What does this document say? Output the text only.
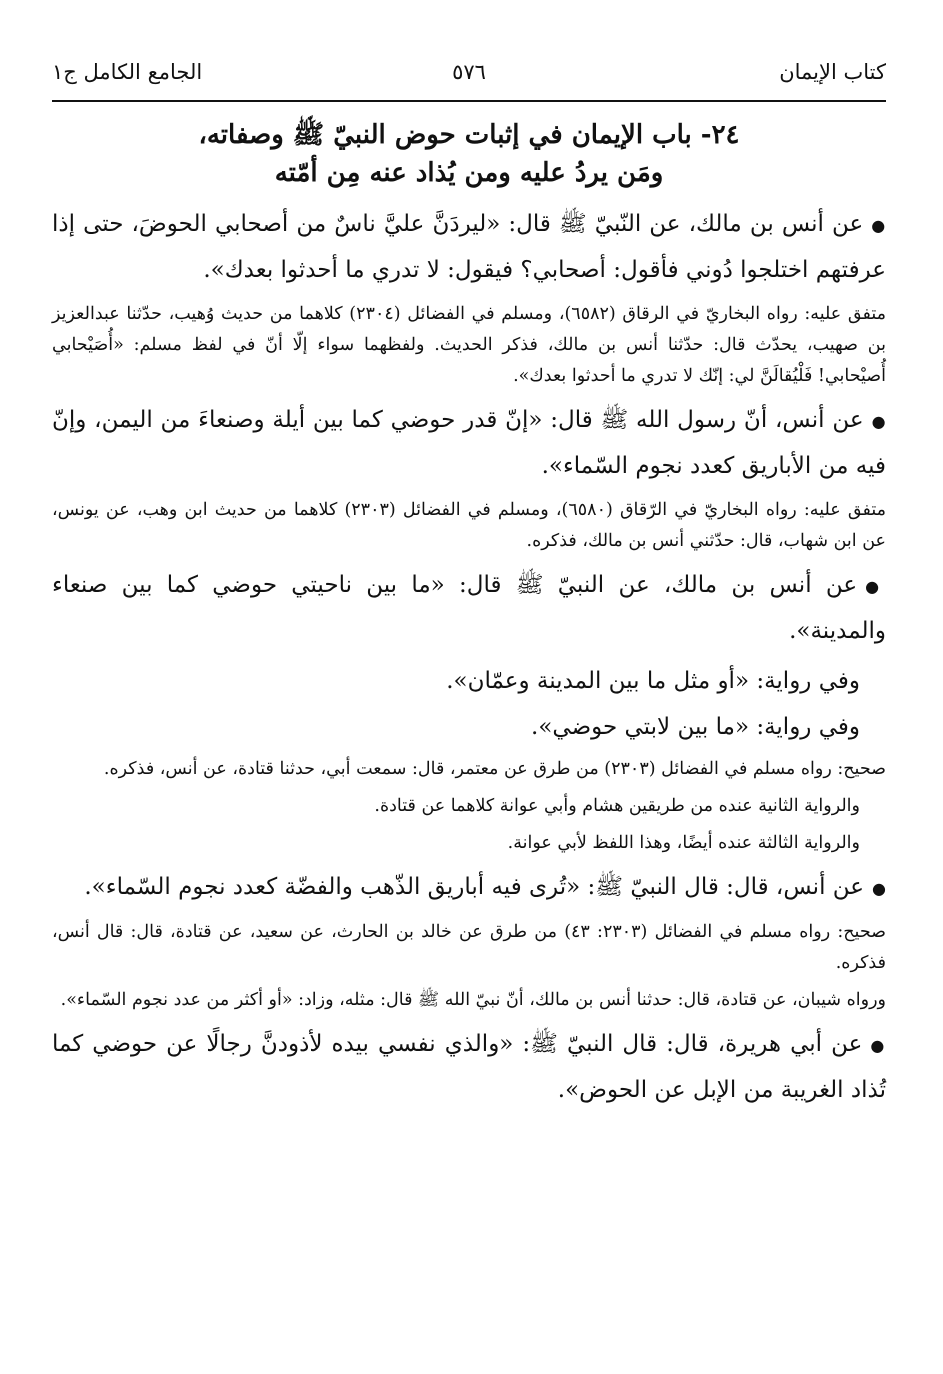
كتاب الإيمان
٥٧٦
الجامع الكامل ج١
٢٤- باب الإيمان في إثبات حوض النبيّ ﷺ وصفاته،
ومَن يردُ عليه ومن يُذاد عنه مِن أمّته

●عن أنس بن مالك، عن النّبيّ ﷺ قال: «ليردَنَّ عليَّ ناسٌ من أصحابي الحوضَ، حتى إذا عرفتهم اختلجوا دُوني فأقول: أصحابي؟ فيقول: لا تدري ما أحدثوا بعدك».

متفق عليه: رواه البخاريّ في الرقاق (٦٥٨٢)، ومسلم في الفضائل (٢٣٠٤) كلاهما من حديث وُهيب، حدّثنا عبدالعزيز بن صهيب، يحدّث قال: حدّثنا أنس بن مالك، فذكر الحديث. ولفظهما سواء إلّا أنّ في لفظ مسلم: «أُصَيْحابي أُصيْحابي! فَلْيُقالَنَّ لي: إنّك لا تدري ما أحدثوا بعدك».

●عن أنس، أنّ رسول الله ﷺ قال: «إنّ قدر حوضي كما بين أيلة وصنعاءَ من اليمن، وإنّ فيه من الأباريق كعدد نجوم السّماء».

متفق عليه: رواه البخاريّ في الرّقاق (٦٥٨٠)، ومسلم في الفضائل (٢٣٠٣) كلاهما من حديث ابن وهب، عن يونس، عن ابن شهاب، قال: حدّثني أنس بن مالك، فذكره.

●عن أنس بن مالك، عن النبيّ ﷺ قال: «ما بين ناحيتي حوضي كما بين صنعاء والمدينة».

وفي رواية: «أو مثل ما بين المدينة وعمّان».

وفي رواية: «ما بين لابتي حوضي».

صحيح: رواه مسلم في الفضائل (٢٣٠٣) من طرق عن معتمر، قال: سمعت أبي، حدثنا قتادة، عن أنس، فذكره.

والرواية الثانية عنده من طريقين هشام وأبي عوانة كلاهما عن قتادة.

والرواية الثالثة عنده أيضًا، وهذا اللفظ لأبي عوانة.

●عن أنس، قال: قال النبيّ ﷺ: «تُرى فيه أباريق الذّهب والفضّة كعدد نجوم السّماء».

صحيح: رواه مسلم في الفضائل (٢٣٠٣: ٤٣) من طرق عن خالد بن الحارث، عن سعيد، عن قتادة، قال: قال أنس، فذكره.

ورواه شيبان، عن قتادة، قال: حدثنا أنس بن مالك، أنّ نبيّ الله ﷺ قال: مثله، وزاد: «أو أكثر من عدد نجوم السّماء».

●عن أبي هريرة، قال: قال النبيّ ﷺ: «والذي نفسي بيده لأذودنَّ رجالًا عن حوضي كما تُذاد الغريبة من الإبل عن الحوض».
